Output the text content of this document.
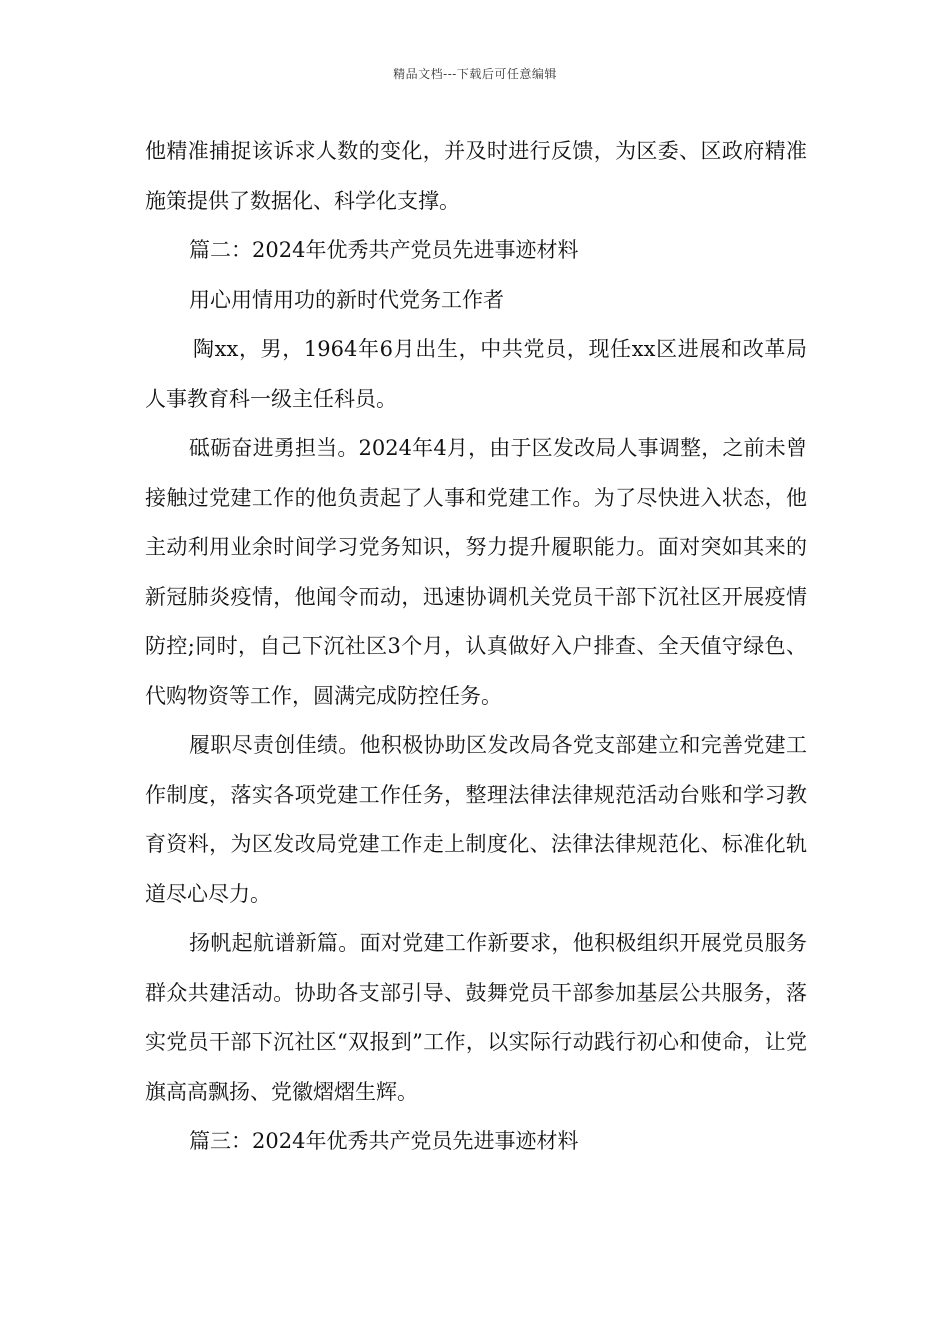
精品文档---下载后可任意编辑

他精准捕捉该诉求人数的变化，并及时进行反馈，为区委、区政府精准施策提供了数据化、科学化支撑。

篇二：2024年优秀共产党员先进事迹材料

用心用情用功的新时代党务工作者

陶xx，男，1964年6月出生，中共党员，现任xx区进展和改革局人事教育科一级主任科员。

砥砺奋进勇担当。2024年4月，由于区发改局人事调整，之前未曾接触过党建工作的他负责起了人事和党建工作。为了尽快进入状态，他主动利用业余时间学习党务知识，努力提升履职能力。面对突如其来的新冠肺炎疫情，他闻令而动，迅速协调机关党员干部下沉社区开展疫情防控;同时，自己下沉社区3个月，认真做好入户排查、全天值守绿色、代购物资等工作，圆满完成防控任务。

履职尽责创佳绩。他积极协助区发改局各党支部建立和完善党建工作制度，落实各项党建工作任务，整理法律法律规范活动台账和学习教育资料，为区发改局党建工作走上制度化、法律法律规范化、标准化轨道尽心尽力。

扬帆起航谱新篇。面对党建工作新要求，他积极组织开展党员服务群众共建活动。协助各支部引导、鼓舞党员干部参加基层公共服务，落实党员干部下沉社区“双报到”工作，以实际行动践行初心和使命，让党旗高高飘扬、党徽熠熠生辉。

篇三：2024年优秀共产党员先进事迹材料
